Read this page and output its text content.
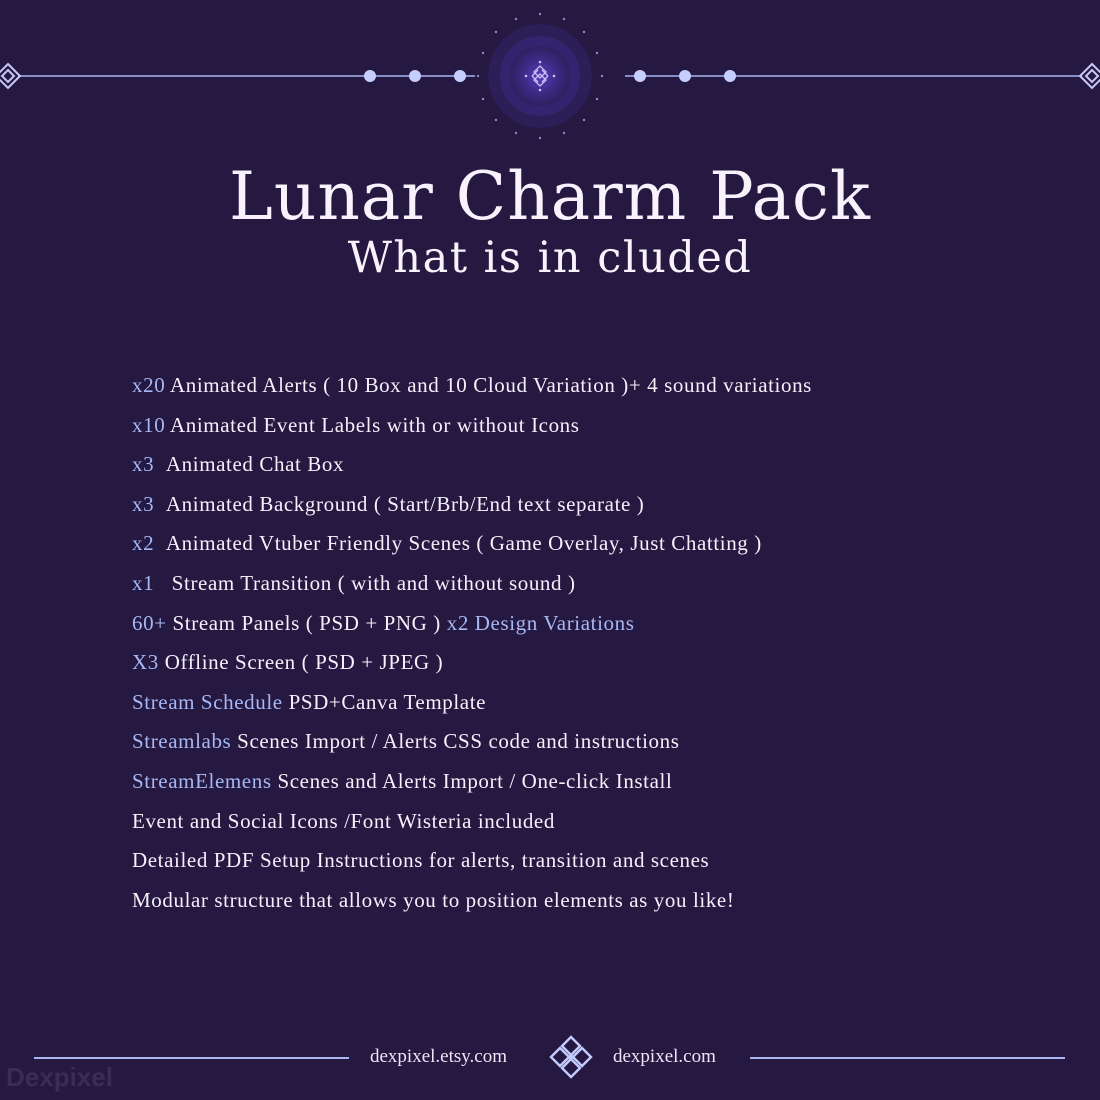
Lunar Charm Pack
What is in cluded
x20 Animated Alerts ( 10 Box and 10 Cloud Variation )+ 4 sound variations
x10 Animated Event Labels with or without Icons
x3  Animated Chat Box
x3  Animated Background ( Start/Brb/End text separate )
x2  Animated Vtuber Friendly Scenes ( Game Overlay, Just Chatting )
x1   Stream Transition ( with and without sound )
60+ Stream Panels ( PSD + PNG ) x2 Design Variations
X3 Offline Screen ( PSD + JPEG )
Stream Schedule PSD+Canva Template
Streamlabs Scenes Import / Alerts CSS code and instructions
StreamElemens Scenes and Alerts Import / One-click Install
Event and Social Icons /Font Wisteria included
Detailed PDF Setup Instructions for alerts, transition and scenes
Modular structure that allows you to position elements as you like!
dexpixel.etsy.com	dexpixel.com
Dexpixel
